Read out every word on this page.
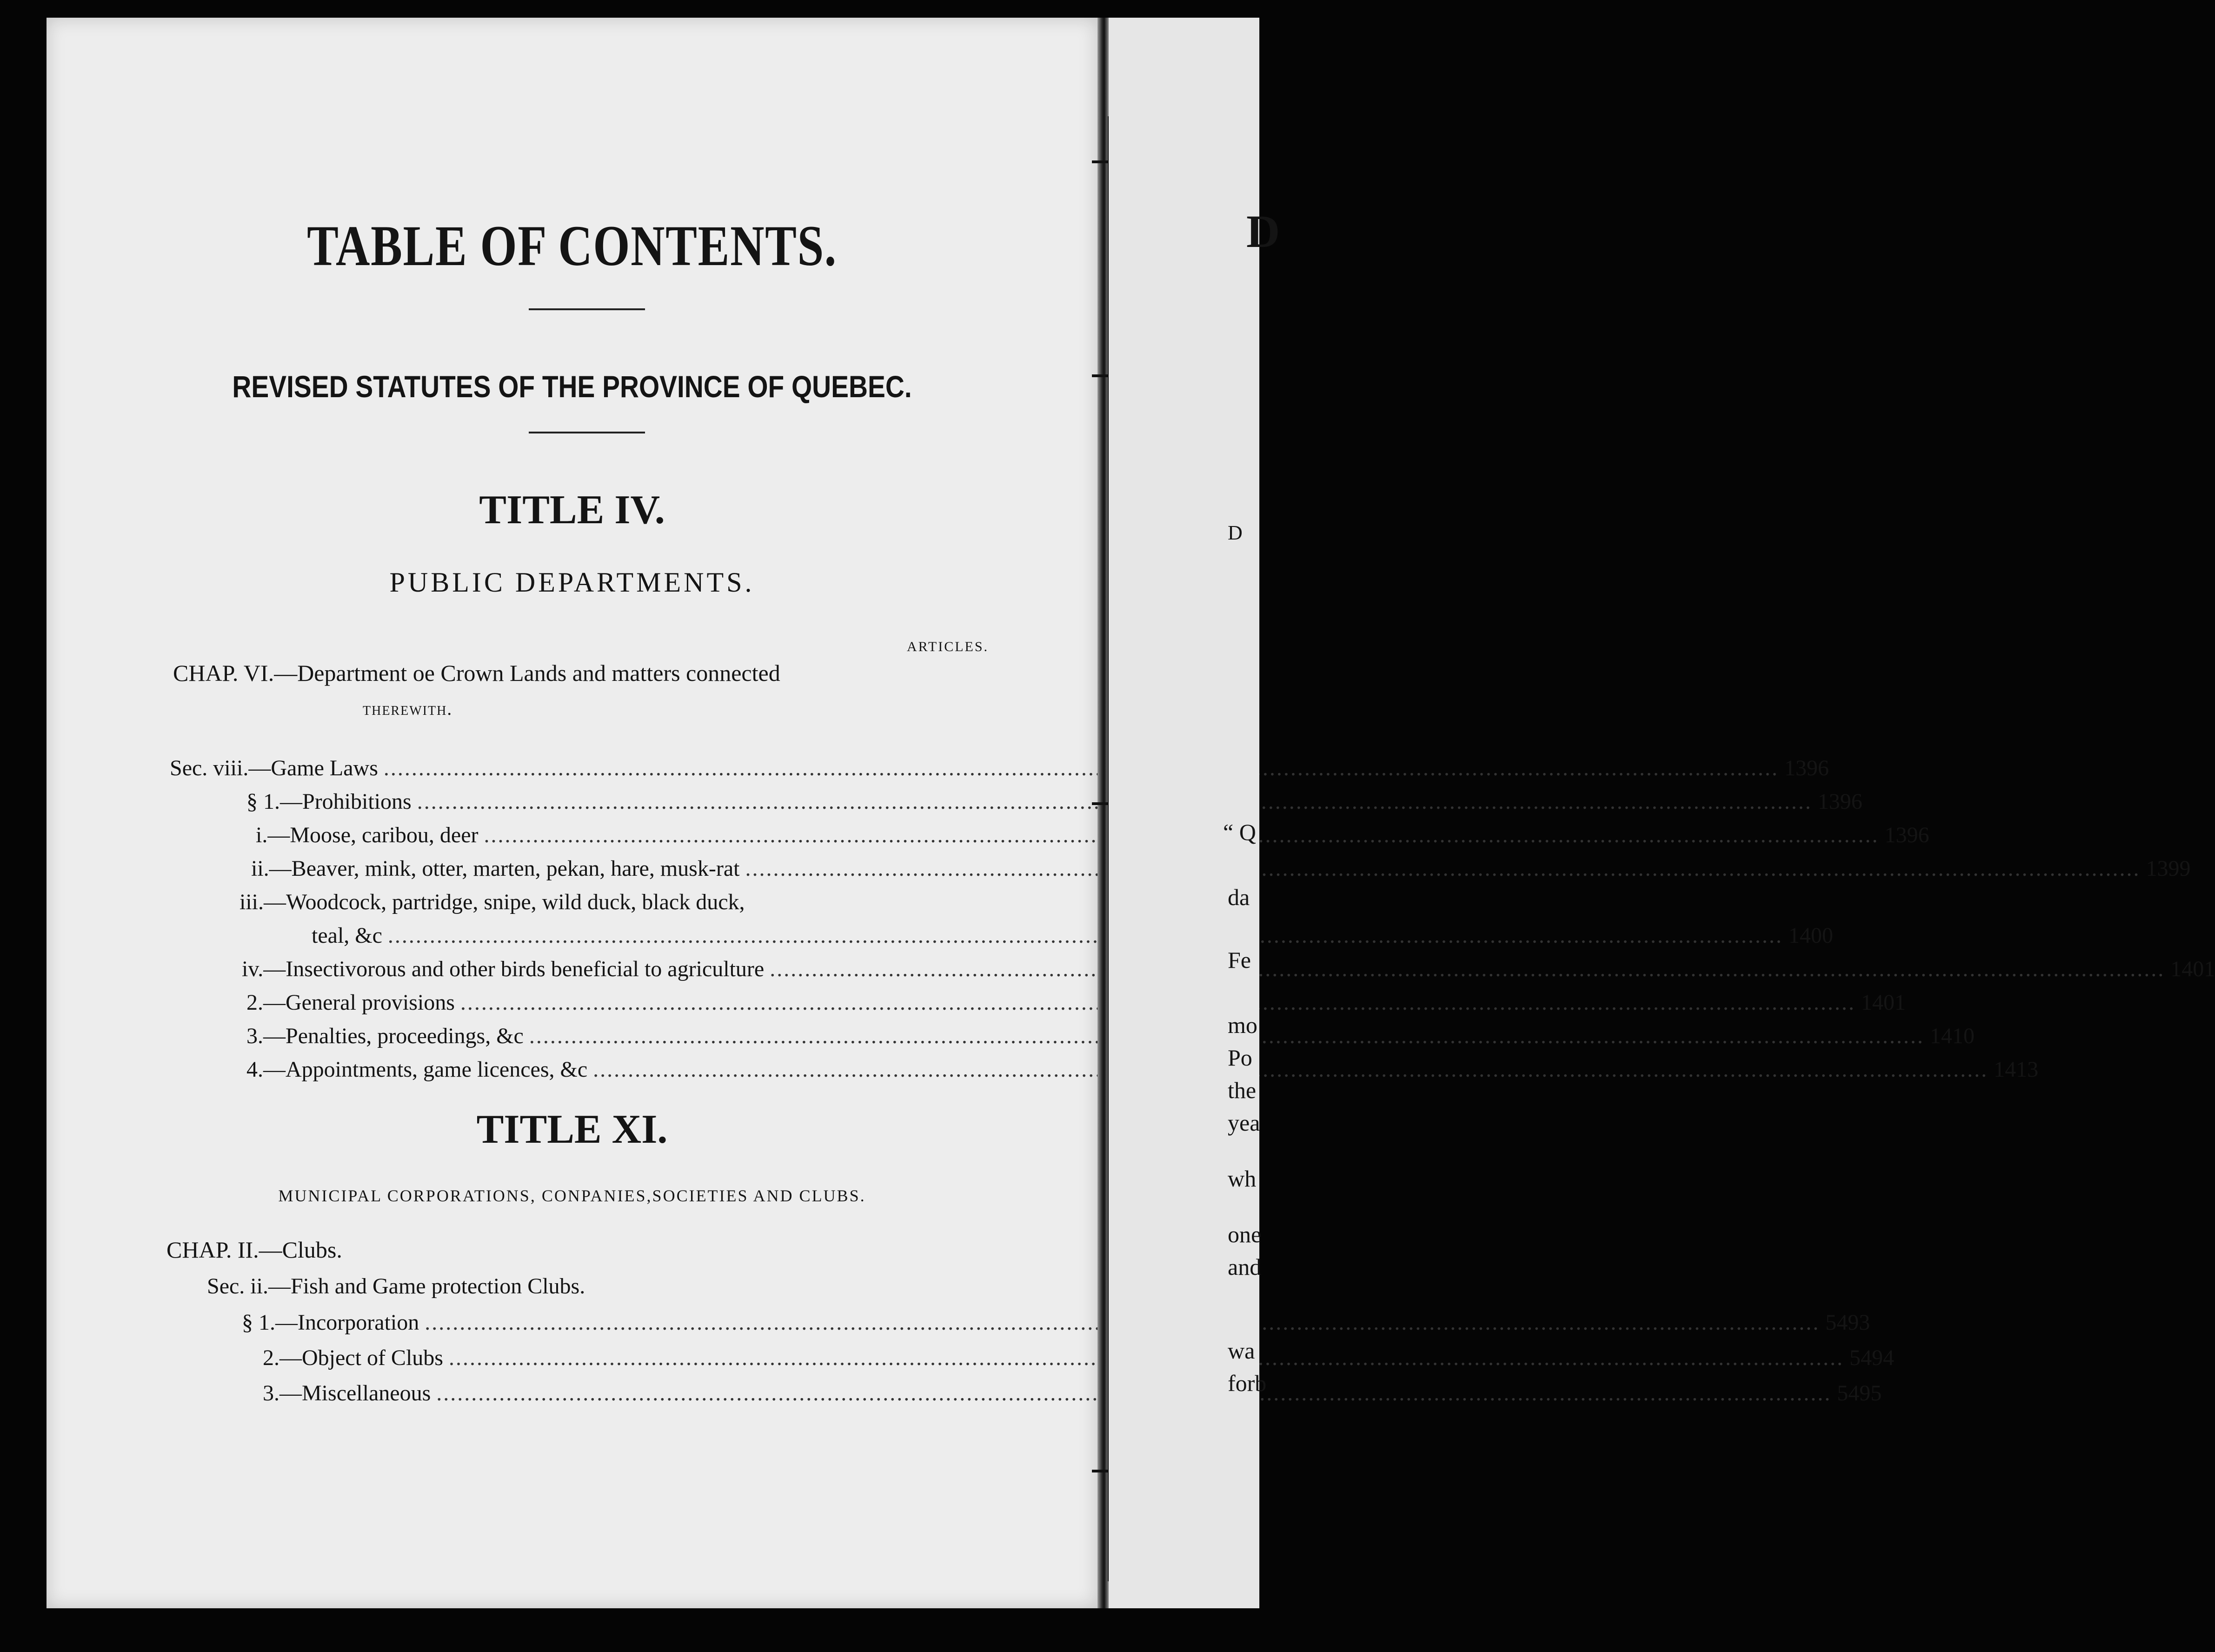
TABLE OF CONTENTS.
REVISED STATUTES OF THE PROVINCE OF QUEBEC.
TITLE IV.
PUBLIC DEPARTMENTS.
ARTICLES.
CHAP. VI.—Department oe Crown Lands and matters connected
therewith.
Sec. viii.—Game Laws .....	1396
§ 1.—Prohibitions .....	1396
i.—Moose, caribou, deer .....	1396
ii.—Beaver, mink, otter, marten, pekan, hare, musk-rat .....	1399
iii.—Woodcock, partridge, snipe, wild duck, black duck,
teal, &c .....	1400
iv.—Insectivorous and other birds beneficial to agriculture .....	1401
2.—General provisions .....	1401
3.—Penalties, proceedings, &c .....	1410
4.—Appointments, game licences, &c .....	1413
TITLE XI.
MUNICIPAL CORPORATIONS, CONPANIES,SOCIETIES AND CLUBS.
CHAP. II.—Clubs.
Sec. ii.—Fish and Game protection Clubs.
§ 1.—Incorporation .....	5493
2.—Object of Clubs .....	5494
3.—Miscellaneous .....	5495
D
D
“ Q
da
Fe
mo
Po
the
yea
wh
one
and
wa
forb
